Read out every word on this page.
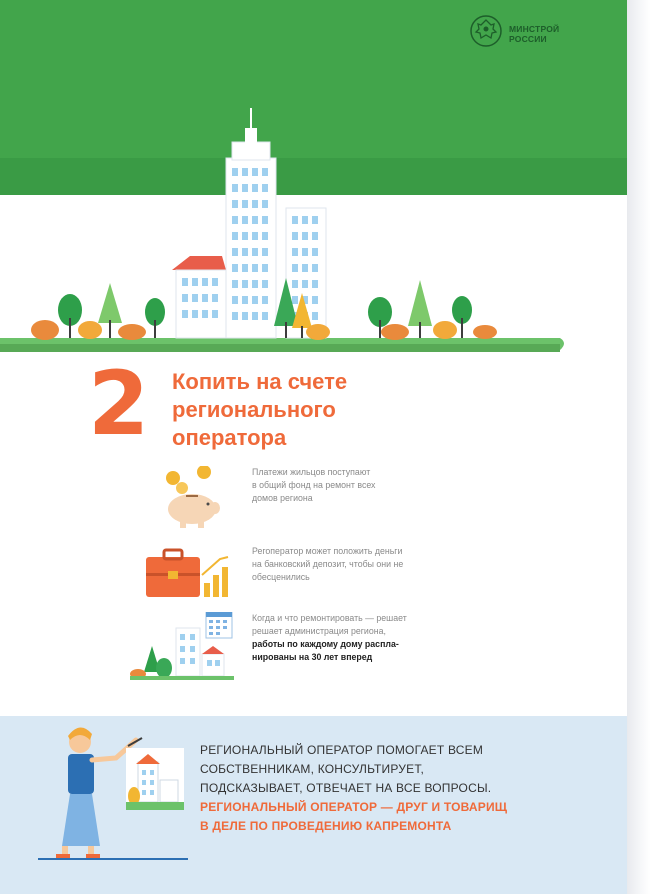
МИНСТРОЙ
РОССИИ
2 Копить на счете
регионального
оператора
Платежи жильцов поступают
в общий фонд на ремонт всех
домов региона
Регоператор может положить деньги
на банковский депозит, чтобы они не
обесценились
Когда и что ремонтировать — решает
решает администрация региона,
работы по каждому дому распла-
нированы на 30 лет вперед
РЕГИОНАЛЬНЫЙ ОПЕРАТОР ПОМОГАЕТ ВСЕМ
СОБСТВЕННИКАМ, КОНСУЛЬТИРУЕТ,
ПОДСКАЗЫВАЕТ, ОТВЕЧАЕТ НА ВСЕ ВОПРОСЫ.
РЕГИОНАЛЬНЫЙ ОПЕРАТОР — ДРУГ И ТОВАРИЩ
В ДЕЛЕ ПО ПРОВЕДЕНИЮ КАПРЕМОНТА
